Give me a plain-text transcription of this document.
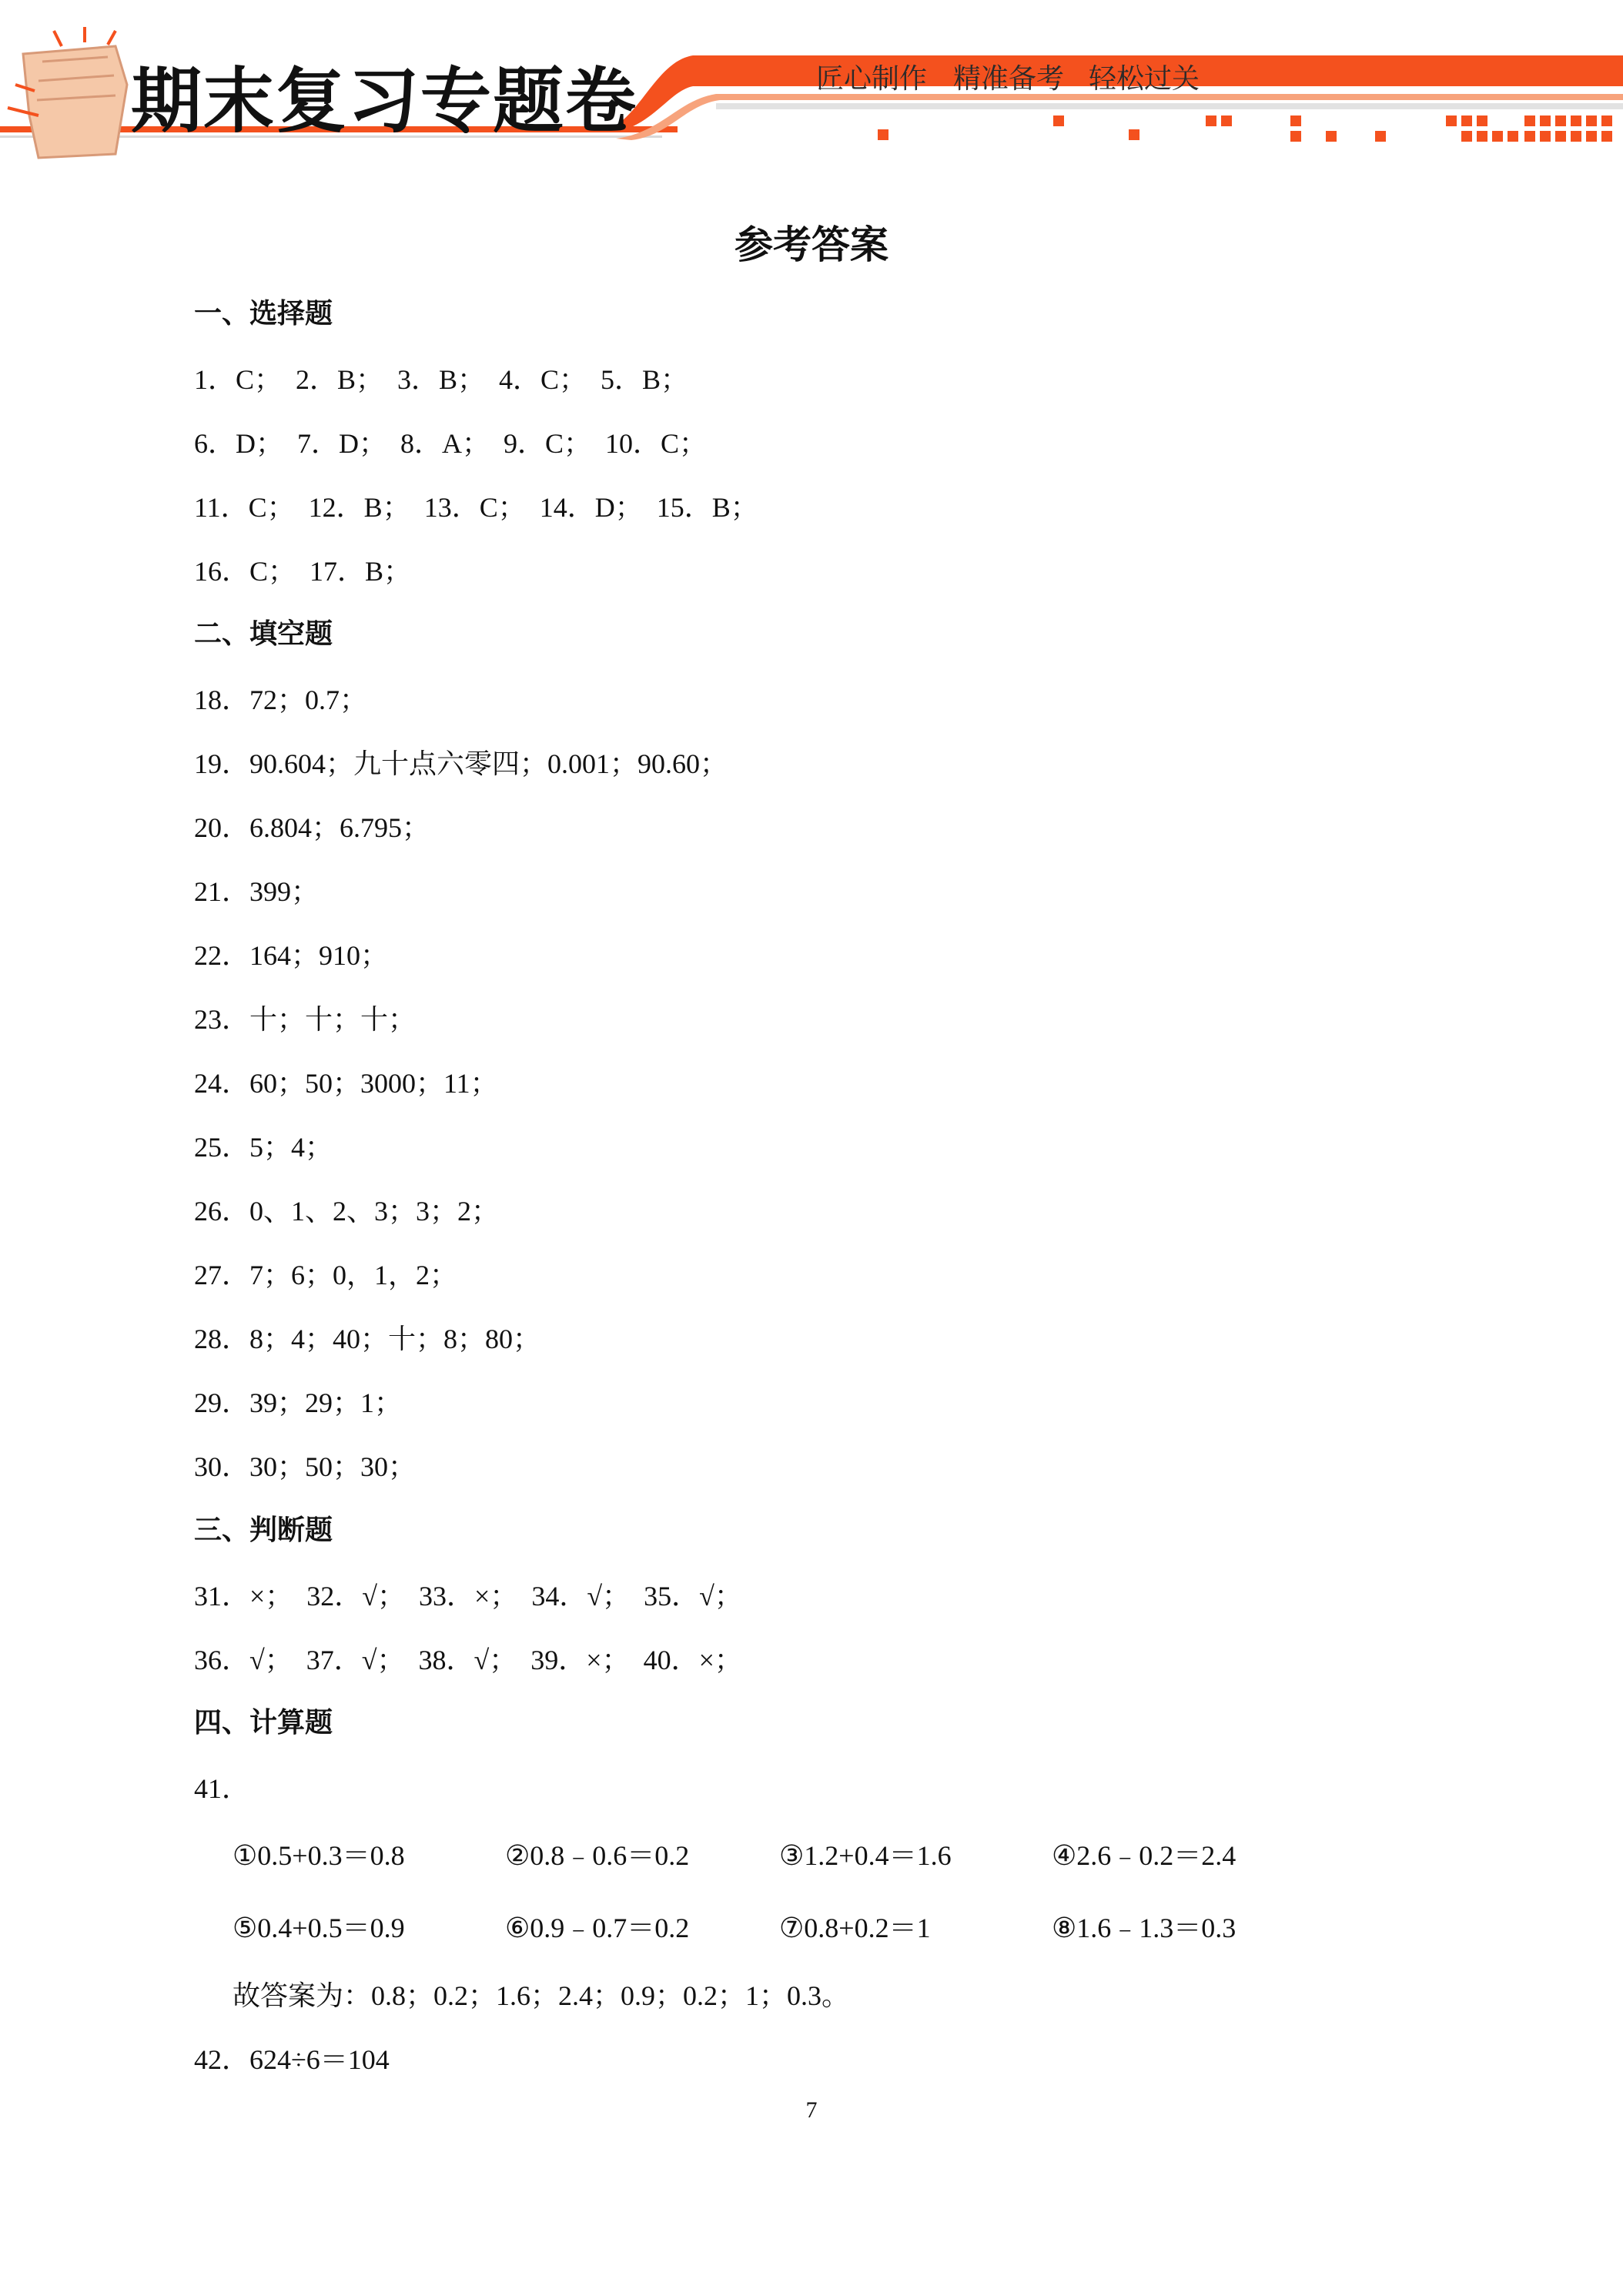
期末复习专题卷	匠心制作 精准备考 轻松过关
参考答案
一、选择题
1．C；　2．B；　3．B；　4．C；　5．B；
6．D；　7．D；　8．A；　9．C；　10．C；
11．C；　12．B；　13．C；　14．D；　15．B；
16．C；　17．B；
二、填空题
18．72；0.7；
19．90.604；九十点六零四；0.001；90.60；
20．6.804；6.795；
21．399；
22．164；910；
23．十；十；十；
24．60；50；3000；11；
25．5；4；
26．0、1、2、3；3；2；
27．7；6；0，1，2；
28．8；4；40；十；8；80；
29．39；29；1；
30．30；50；30；
三、判断题
31．×；　32．√；　33．×；　34．√；　35．√；
36．√；　37．√；　38．√；　39．×；　40．×；
四、计算题
41．
①0.5+0.3＝0.8	②0.8﹣0.6＝0.2	③1.2+0.4＝1.6	④2.6﹣0.2＝2.4
⑤0.4+0.5＝0.9	⑥0.9﹣0.7＝0.2	⑦0.8+0.2＝1	⑧1.6﹣1.3＝0.3
故答案为：0.8；0.2；1.6；2.4；0.9；0.2；1；0.3。
42．624÷6＝104
7
